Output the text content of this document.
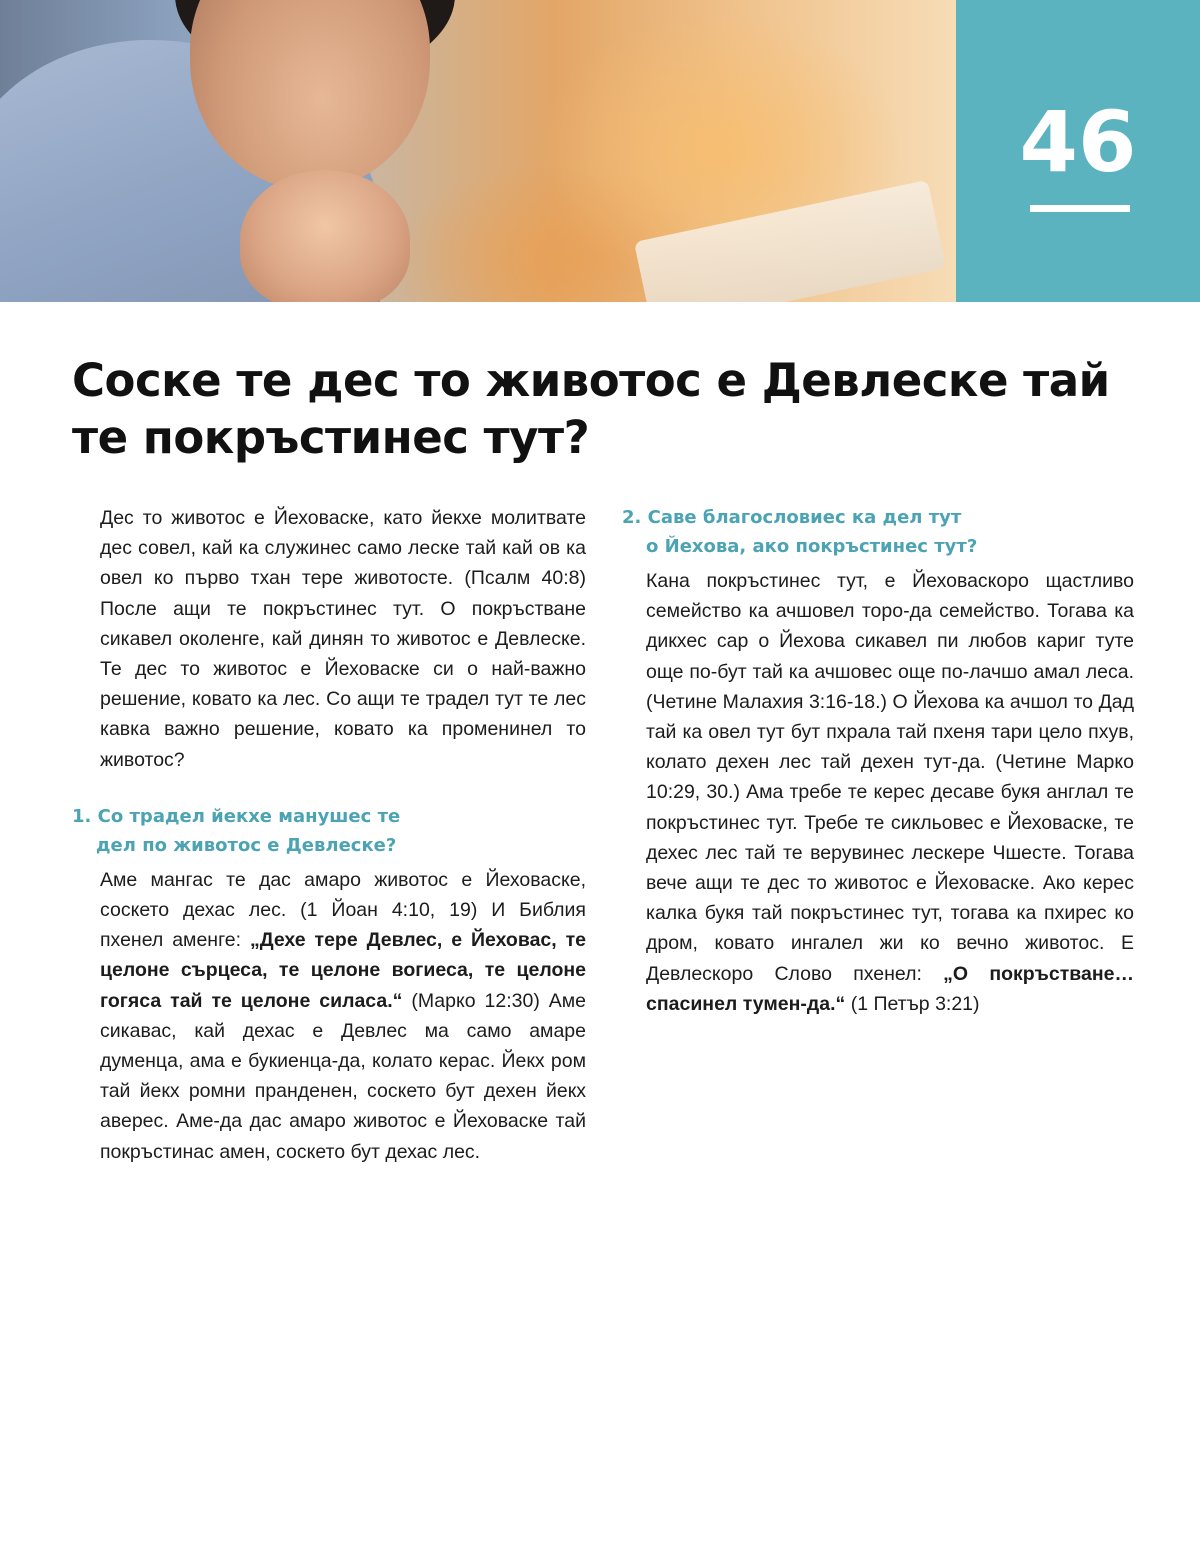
46
Соске те дес то животос е Девлеске тай те покръстинес тут?

Дес то животос е Йеховаске, като йекхе молитвате дес совел, кай ка служинес само леске тай кай ов ка овел ко първо тхан тере животосте. (Псалм 40:8) После ащи те покръстинес тут. О покръстване сикавел околенге, кай динян то животос е Девлеске. Те дес то животос е Йеховаске си о най-важно решение, ковато ка лес. Со ащи те традел тут те лес кавка важно решение, ковато ка променинел то животос?

1. Со традел йекхе манушес те
дел по животос е Девлеске?

Аме мангас те дас амаро животос е Йеховаске, соскето дехас лес. (1 Йоан 4:10, 19) И Библия пхенел аменге: „Дехе тере Девлес, е Йеховас, те целоне сърцеса, те целоне вогиеса, те целоне гогяса тай те целоне силаса.“ (Марко 12:30) Аме сикавас, кай дехас е Девлес ма само амаре думенца, ама е букиенца-да, колато керас. Йекх ром тай йекх ромни пранденен, соскето бут дехен йекх аверес. Аме-да дас амаро животос е Йеховаске тай покръстинас амен, соскето бут дехас лес.

2. Саве благословиес ка дел тут
о Йехова, ако покръстинес тут?

Кана покръстинес тут, е Йеховаскоро щастливо семейство ка ачшовел торо-да семейство. Тогава ка дикхес сар о Йехова сикавел пи любов кариг туте още по-бут тай ка ачшовес още по-лачшо амал леса. (Четине Малахия 3:16-18.) О Йехова ка ачшол то Дад тай ка овел тут бут пхрала тай пхеня тари цело пхув, колато дехен лес тай дехен тут-да. (Четине Марко 10:29, 30.) Ама требе те керес десаве букя англал те покръстинес тут. Требе те сикльовес е Йеховаске, те дехес лес тай те верувинес лескере Чшесте. Тогава вече ащи те дес то животос е Йеховаске. Ако керес калка букя тай покръстинес тут, тогава ка пхирес ко дром, ковато ингалел жи ко вечно животос. Е Девлескоро Слово пхенел: „О покръстване… спасинел тумен-да.“ (1 Петър 3:21)
